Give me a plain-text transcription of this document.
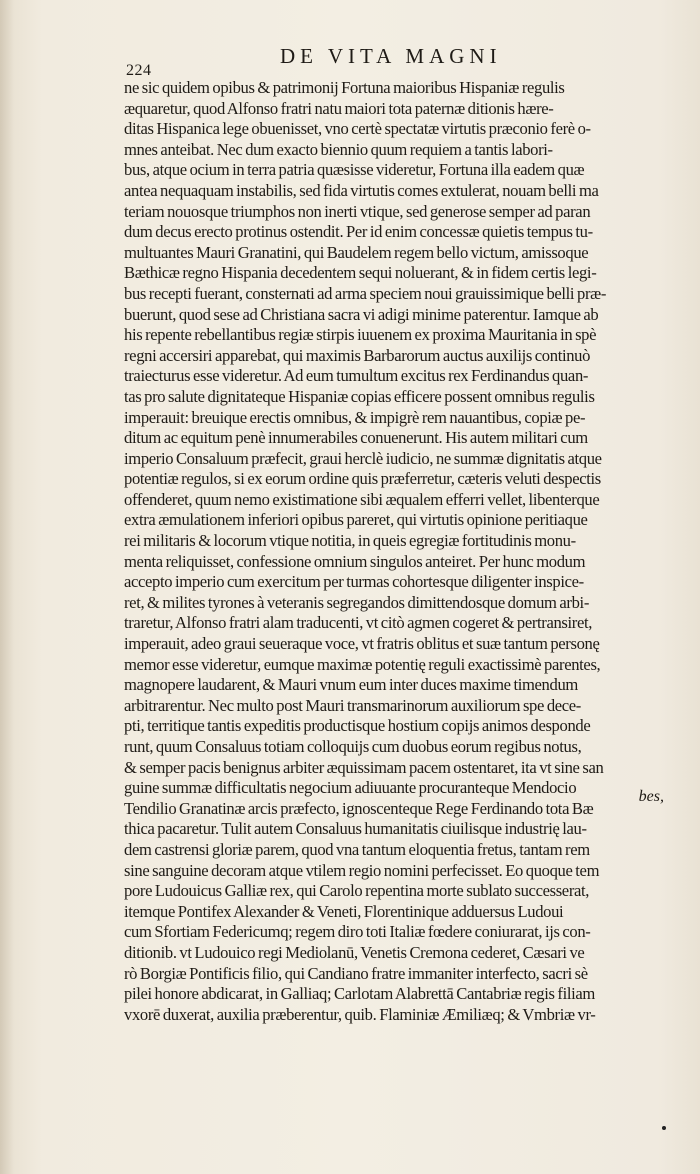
224
DE VITA MAGNI
ne sic quidem opibus & patrimonij Fortuna maioribus Hispaniæ regulis
æquaretur, quod Alfonso fratri natu maiori tota paternæ ditionis hære-
ditas Hispanica lege obuenisset, vno certè spectatæ virtutis præconio ferè o-
mnes anteibat. Nec dum exacto biennio quum requiem a tantis labori-
bus, atque ocium in terra patria quæsisse videretur, Fortuna illa eadem quæ
antea nequaquam instabilis, sed fida virtutis comes extulerat, nouam belli ma
teriam nouosque triumphos non inerti vtique, sed generose semper ad paran
dum decus erecto protinus ostendit. Per id enim concessæ quietis tempus tu-
multuantes Mauri Granatini, qui Baudelem regem bello victum, amissoque
Bæthicæ regno Hispania decedentem sequi noluerant, & in fidem certis legi-
bus recepti fuerant, consternati ad arma speciem noui grauissimique belli præ-
buerunt, quod sese ad Christiana sacra vi adigi minime paterentur. Iamque ab
his repente rebellantibus regiæ stirpis iuuenem ex proxima Mauritania in spè
regni accersiri apparebat, qui maximis Barbarorum auctus auxilijs continuò
traiecturus esse videretur. Ad eum tumultum excitus rex Ferdinandus quan-
tas pro salute dignitateque Hispaniæ copias efficere possent omnibus regulis
imperauit: breuique erectis omnibus, & impigrè rem nauantibus, copiæ pe-
ditum ac equitum penè innumerabiles conuenerunt. His autem militari cum
imperio Consaluum præfecit, graui herclè iudicio, ne summæ dignitatis atque
potentiæ regulos, si ex eorum ordine quis præferretur, cæteris veluti despectis
offenderet, quum nemo existimatione sibi æqualem efferri vellet, libenterque
extra æmulationem inferiori opibus pareret, qui virtutis opinione peritiaque
rei militaris & locorum vtique notitia, in queis egregiæ fortitudinis monu-
menta reliquisset, confessione omnium singulos anteiret. Per hunc modum
accepto imperio cum exercitum per turmas cohortesque diligenter inspice-
ret, & milites tyrones à veteranis segregandos dimittendosque domum arbi-
traretur, Alfonso fratri alam traducenti, vt citò agmen cogeret & pertransiret,
imperauit, adeo graui seueraque voce, vt fratris oblitus et suæ tantum personę
memor esse videretur, eumque maximæ potentię reguli exactissimè parentes,
magnopere laudarent, & Mauri vnum eum inter duces maxime timendum
arbitrarentur. Nec multo post Mauri transmarinorum auxiliorum spe dece-
pti, territique tantis expeditis productisque hostium copijs animos desponde
runt, quum Consaluus totiam colloquijs cum duobus eorum regibus notus,
& semper pacis benignus arbiter æquissimam pacem ostentaret, ita vt sine san
guine summæ difficultatis negocium adiuuante procuranteque Mendocio
Tendilio Granatinæ arcis præfecto, ignoscenteque Rege Ferdinando tota Bæ
thica pacaretur. Tulit autem Consaluus humanitatis ciuilisque industrię lau-
dem castrensi gloriæ parem, quod vna tantum eloquentia fretus, tantam rem
sine sanguine decoram atque vtilem regio nomini perfecisset. Eo quoque tem
pore Ludouicus Galliæ rex, qui Carolo repentina morte sublato successerat,
itemque Pontifex Alexander & Veneti, Florentinique adduersus Ludoui
cum Sfortiam Federicumq; regem diro toti Italiæ fœdere coniurarat, ijs con-
ditionib. vt Ludouico regi Mediolanū, Venetis Cremona cederet, Cæsari ve
rò Borgiæ Pontificis filio, qui Candiano fratre immaniter interfecto, sacri sè
pilei honore abdicarat, in Galliaq; Carlotam Alabrettā Cantabriæ regis filiam
vxorē duxerat, auxilia præberentur, quib. Flaminiæ Æmiliæq; & Vmbriæ vr-
bes,
